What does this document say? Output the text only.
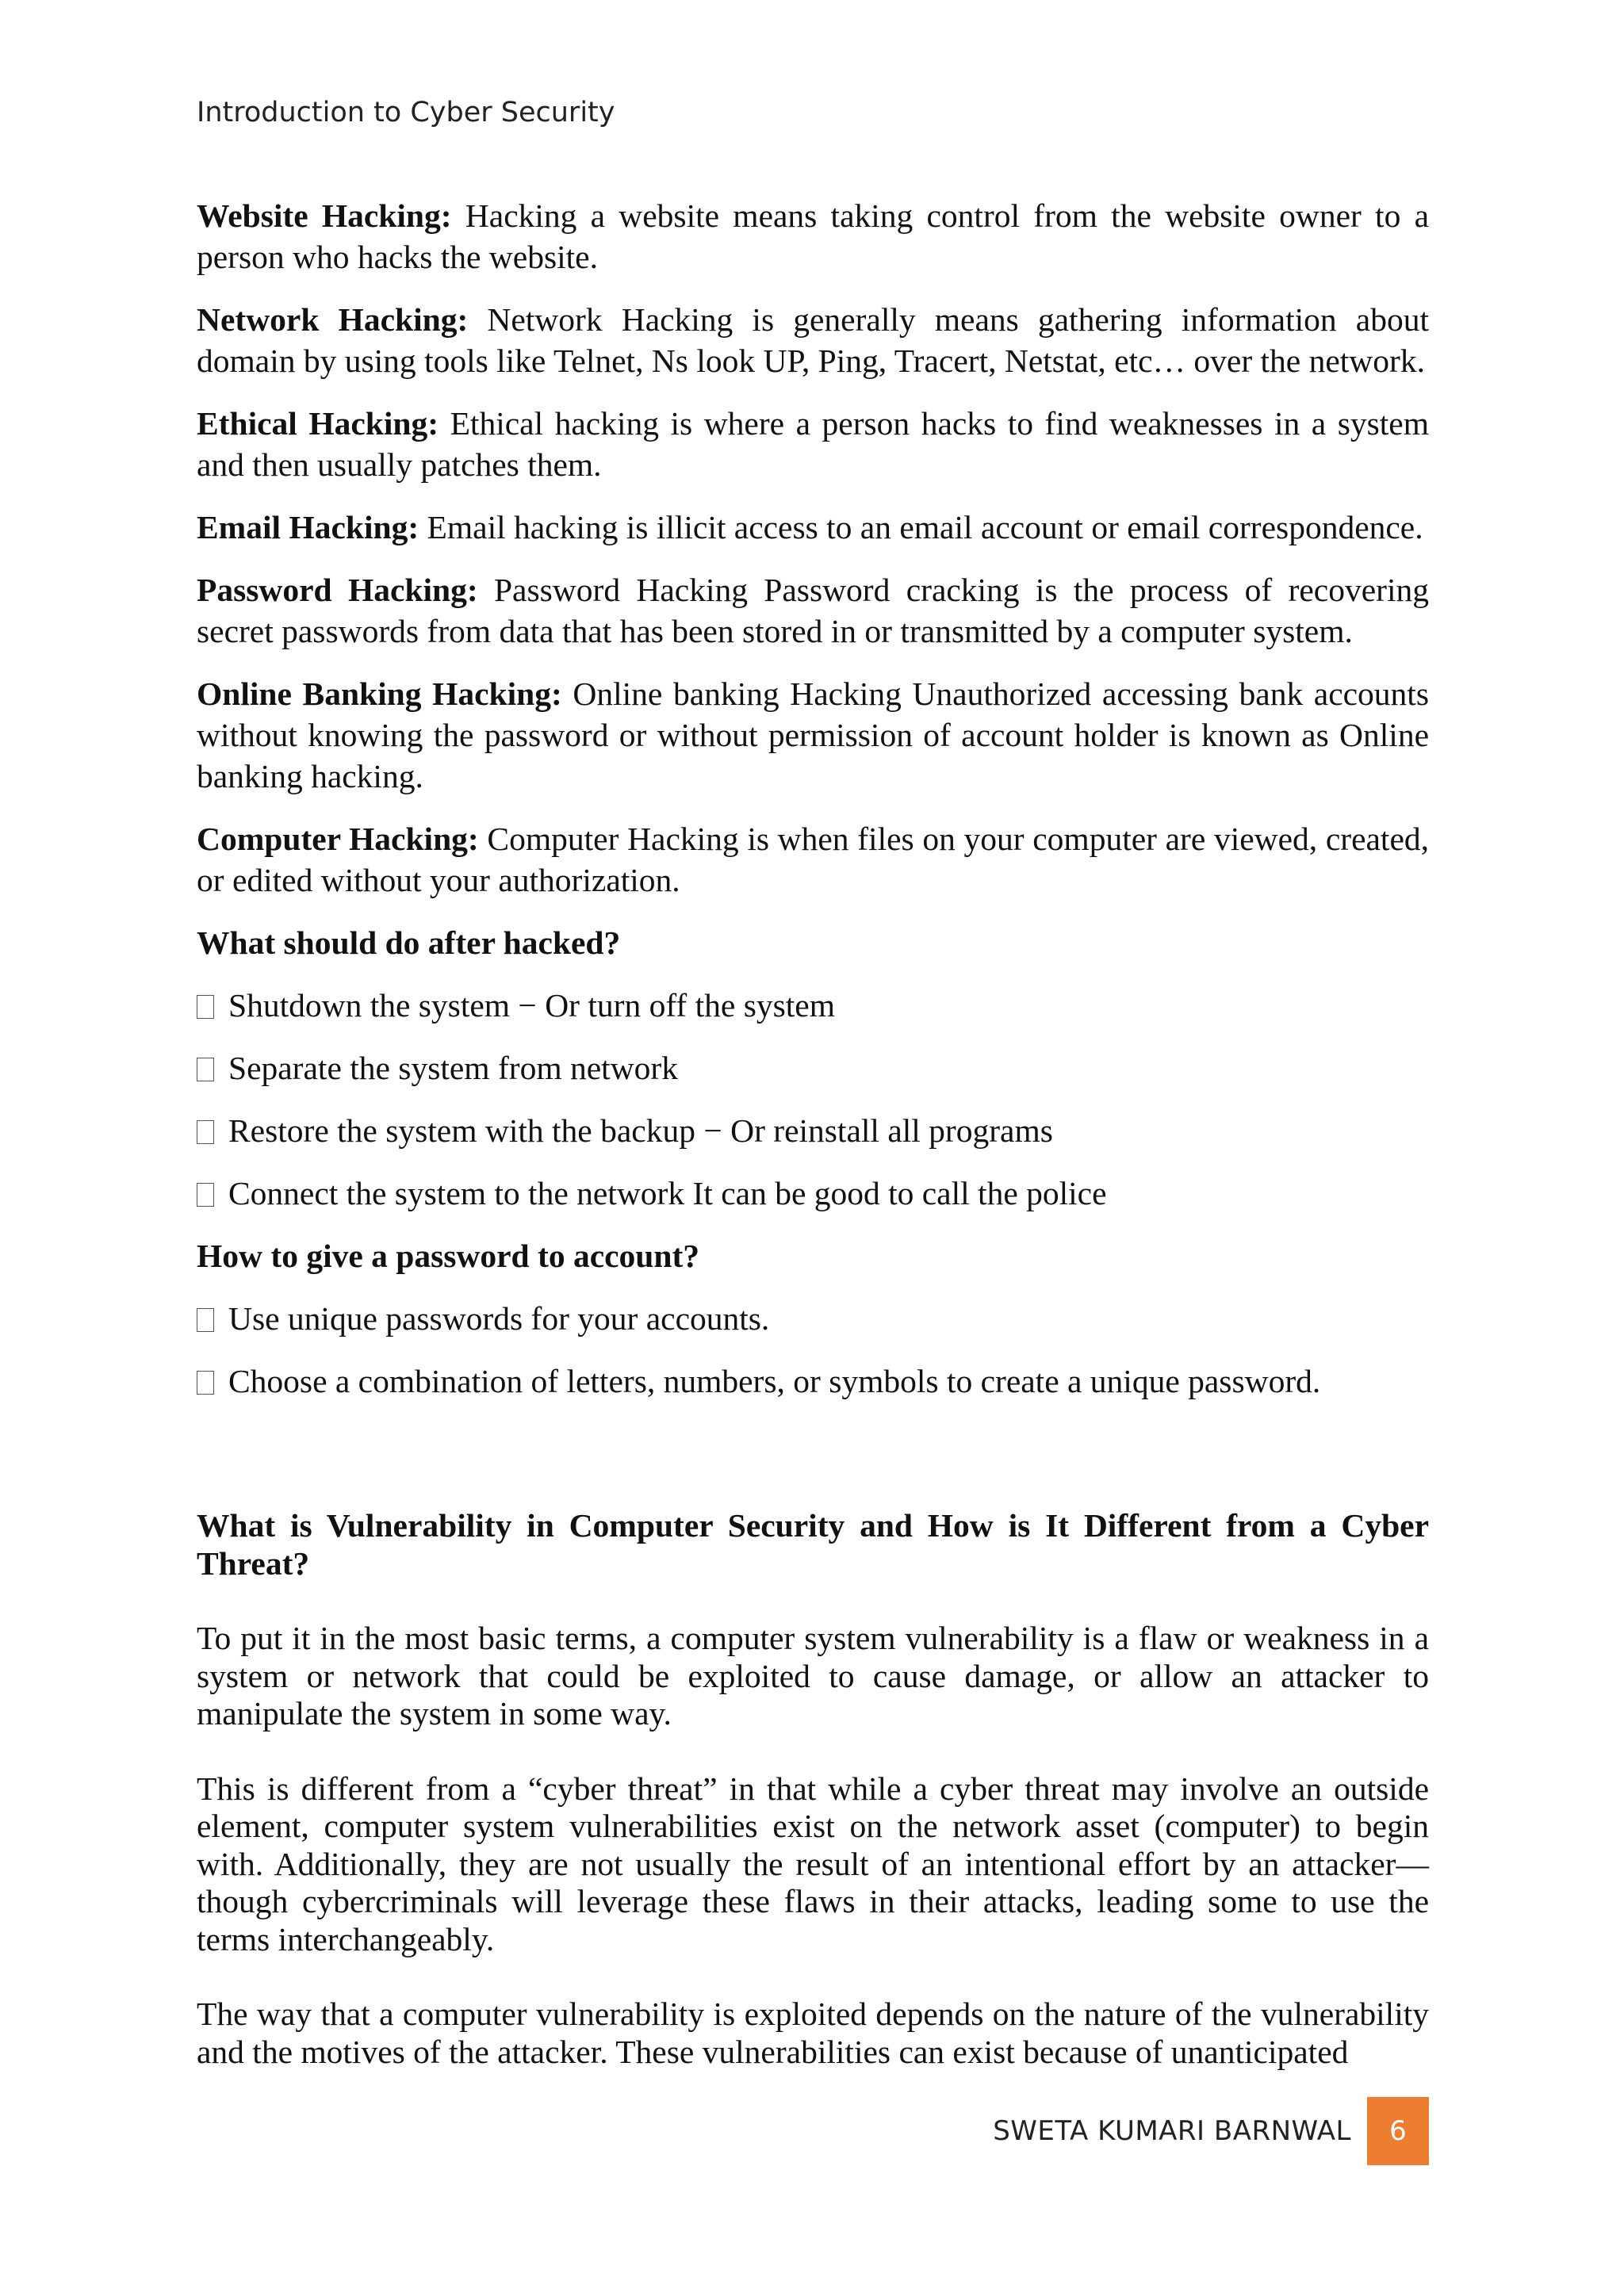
Introduction to Cyber Security

Website Hacking: Hacking a website means taking control from the website owner to a person who hacks the website.

Network Hacking: Network Hacking is generally means gathering information about domain by using tools like Telnet, Ns look UP, Ping, Tracert, Netstat, etc… over the network.

Ethical Hacking: Ethical hacking is where a person hacks to find weaknesses in a system and then usually patches them.

Email Hacking: Email hacking is illicit access to an email account or email correspondence.

Password Hacking: Password Hacking Password cracking is the process of recovering secret passwords from data that has been stored in or transmitted by a computer system.

Online Banking Hacking: Online banking Hacking Unauthorized accessing bank accounts without knowing the password or without permission of account holder is known as Online banking hacking.

Computer Hacking: Computer Hacking is when files on your computer are viewed, created, or edited without your authorization.

What should do after hacked?
Shutdown the system − Or turn off the system
Separate the system from network
Restore the system with the backup − Or reinstall all programs
Connect the system to the network It can be good to call the police
How to give a password to account?
Use unique passwords for your accounts.
Choose a combination of letters, numbers, or symbols to create a unique password.
What is Vulnerability in Computer Security and How is It Different from a Cyber Threat?

To put it in the most basic terms, a computer system vulnerability is a flaw or weakness in a system or network that could be exploited to cause damage, or allow an attacker to manipulate the system in some way.

This is different from a “cyber threat” in that while a cyber threat may involve an outside element, computer system vulnerabilities exist on the network asset (computer) to begin with. Additionally, they are not usually the result of an intentional effort by an attacker—though cybercriminals will leverage these flaws in their attacks, leading some to use the terms interchangeably.

The way that a computer vulnerability is exploited depends on the nature of the vulnerability and the motives of the attacker. These vulnerabilities can exist because of unanticipated

SWETA KUMARI BARNWAL	6
